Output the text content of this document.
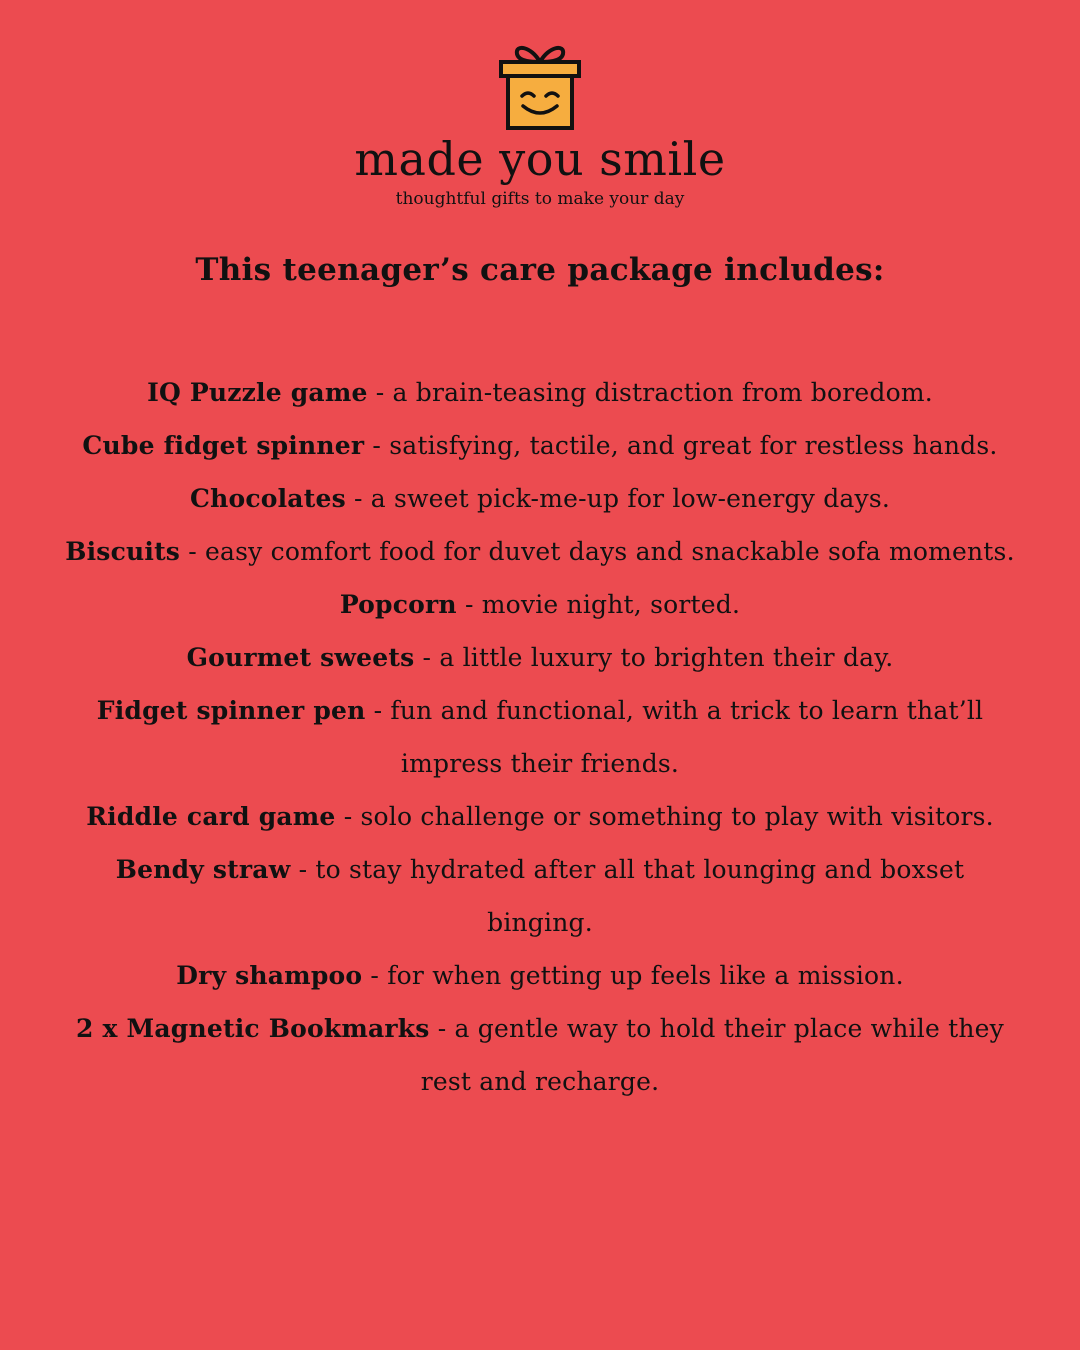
made you smile
thoughtful gifts to make your day
This teenager’s care package includes:
IQ Puzzle game - a brain-teasing distraction from boredom.
Cube fidget spinner - satisfying, tactile, and great for restless hands.
Chocolates - a sweet pick-me-up for low-energy days.
Biscuits - easy comfort food for duvet days and snackable sofa moments.
Popcorn - movie night, sorted.
Gourmet sweets - a little luxury to brighten their day.
Fidget spinner pen - fun and functional, with a trick to learn that’ll impress their friends.
Riddle card game - solo challenge or something to play with visitors.
Bendy straw - to stay hydrated after all that lounging and boxset binging.
Dry shampoo - for when getting up feels like a mission.
2 x Magnetic Bookmarks - a gentle way to hold their place while they rest and recharge.
